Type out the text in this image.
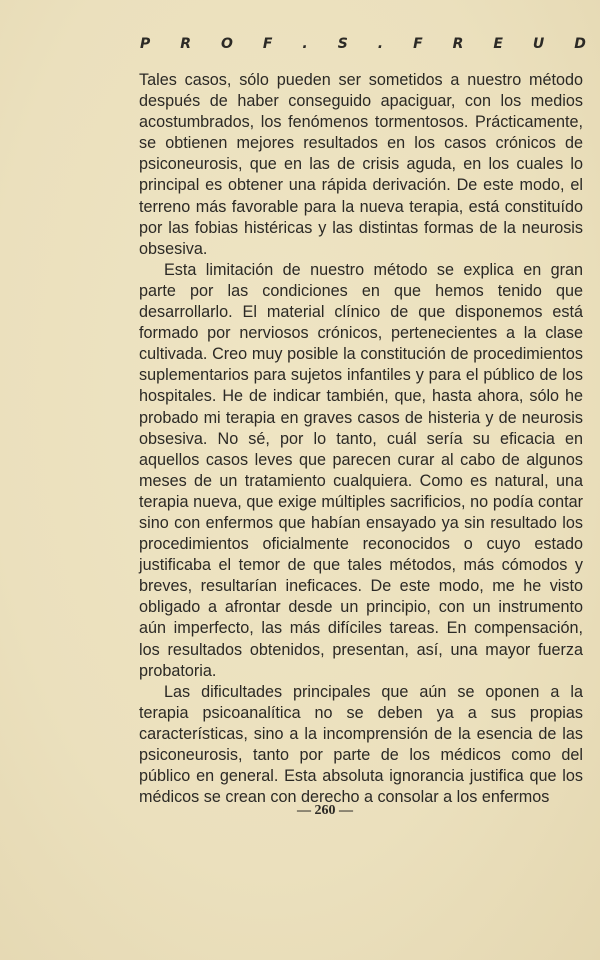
P R O F . S . F R E U D

Tales casos, sólo pueden ser sometidos a nuestro método después de haber conseguido apaciguar, con los medios acostumbrados, los fenómenos tormentosos. Prácticamente, se obtienen mejores resultados en los casos crónicos de psiconeurosis, que en las de crisis aguda, en los cuales lo principal es obtener una rápida derivación. De este modo, el terreno más favorable para la nueva terapia, está constituído por las fobias histéricas y las distintas formas de la neurosis obsesiva.

Esta limitación de nuestro método se explica en gran parte por las condiciones en que hemos tenido que desarrollarlo. El material clínico de que disponemos está formado por nerviosos crónicos, pertenecientes a la clase cultivada. Creo muy posible la constitución de procedimientos suplementarios para sujetos infantiles y para el público de los hospitales. He de indicar también, que, hasta ahora, sólo he probado mi terapia en graves casos de histeria y de neurosis obsesiva. No sé, por lo tanto, cuál sería su eficacia en aquellos casos leves que parecen curar al cabo de algunos meses de un tratamiento cualquiera. Como es natural, una terapia nueva, que exige múltiples sacrificios, no podía contar sino con enfermos que habían ensayado ya sin resultado los procedimientos oficialmente reconocidos o cuyo estado justificaba el temor de que tales métodos, más cómodos y breves, resultarían ineficaces. De este modo, me he visto obligado a afrontar desde un principio, con un instrumento aún imperfecto, las más difíciles tareas. En compensación, los resultados obtenidos, presentan, así, una mayor fuerza probatoria.

Las dificultades principales que aún se oponen a la terapia psicoanalítica no se deben ya a sus propias características, sino a la incomprensión de la esencia de las psiconeurosis, tanto por parte de los médicos como del público en general. Esta absoluta ignorancia justifica que los médicos se crean con derecho a consolar a los enfermos

— 260 —
